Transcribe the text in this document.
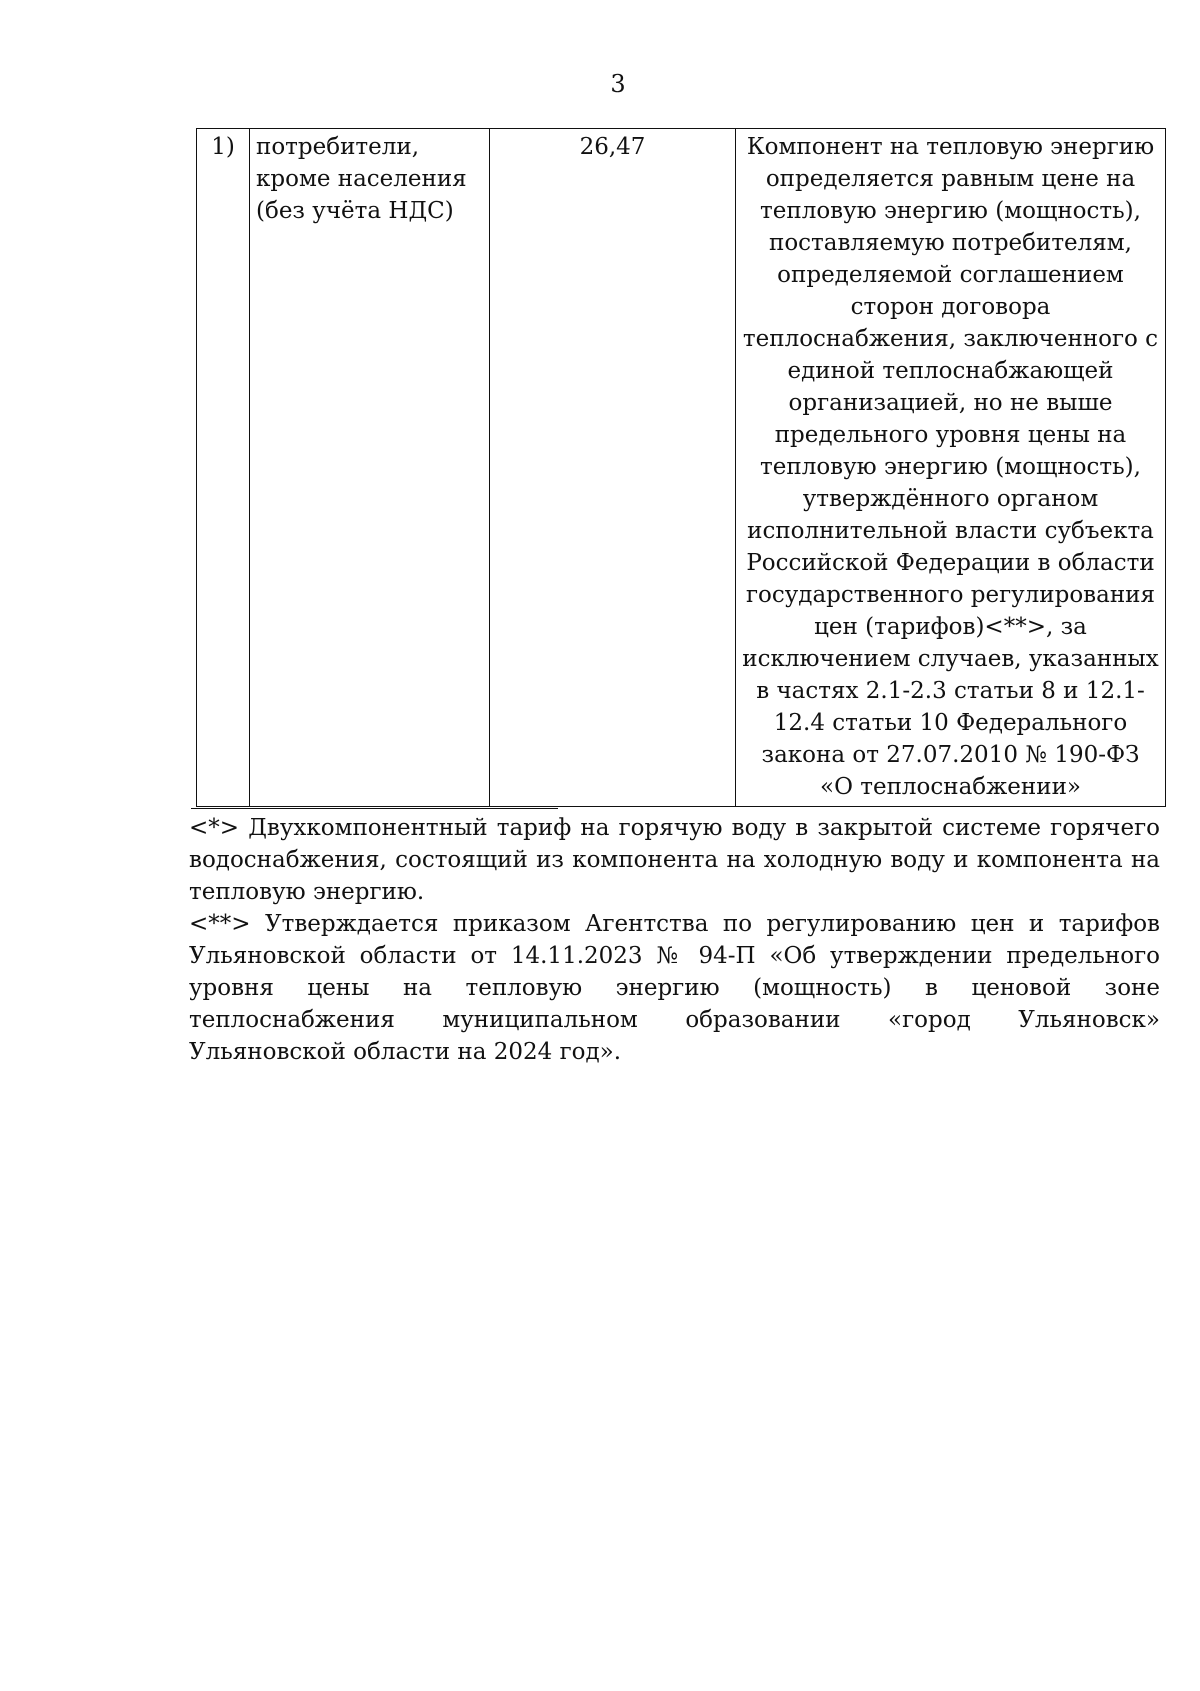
3
1)	потребители, кроме населения (без учёта НДС)	26,47	Компонент на тепловую энергию определяется равным цене на тепловую энергию (мощность), поставляемую потребителям, определяемой соглашением сторон договора теплоснабжения, заключенного с единой теплоснабжающей организацией, но не выше предельного уровня цены на тепловую энергию (мощность), утверждённого органом исполнительной власти субъекта Российской Федерации в области государственного регулирования цен (тарифов)<**>, за исключением случаев, указанных в частях 2.1-2.3 статьи 8 и 12.1-12.4 статьи 10 Федерального закона от 27.07.2010 № 190-ФЗ «О теплоснабжении»

<*> Двухкомпонентный тариф на горячую воду в закрытой системе горячего водоснабжения, состоящий из компонента на холодную воду и компонента на тепловую энергию.

<**> Утверждается приказом Агентства по регулированию цен и тарифов Ульяновской области от 14.11.2023 № 94-П «Об утверждении предельного уровня цены на тепловую энергию (мощность) в ценовой зоне теплоснабжения муниципальном образовании «город Ульяновск» Ульяновской области на 2024 год».
